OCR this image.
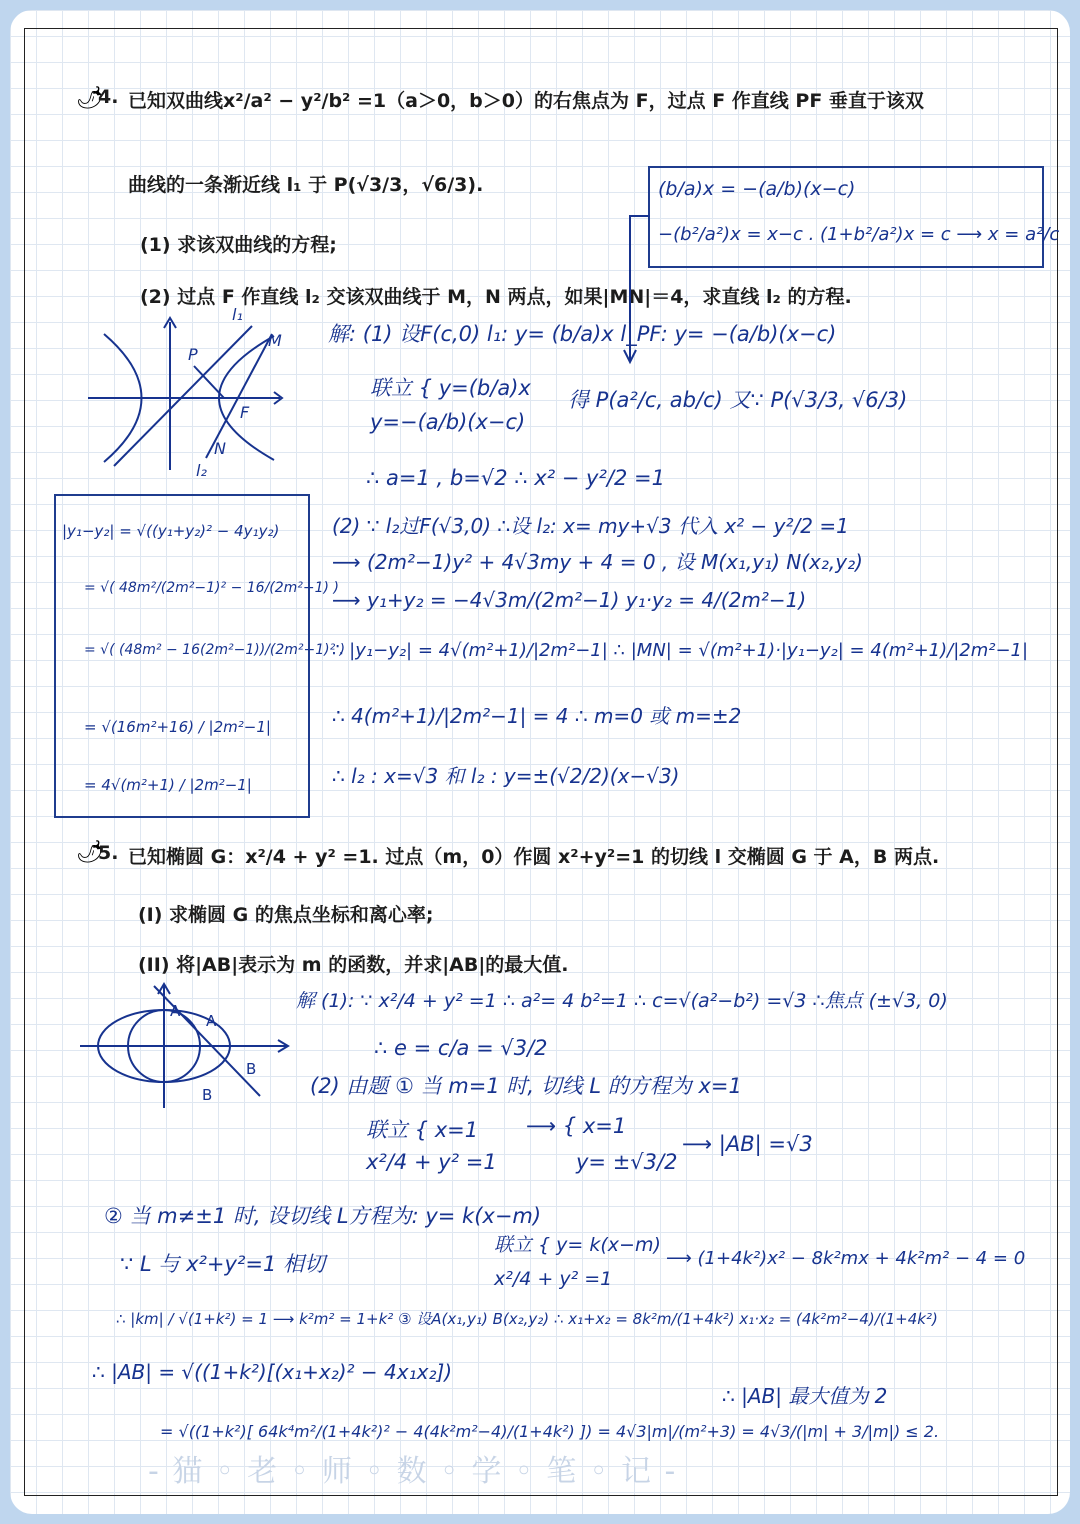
🌶
4. 已知双曲线x²/a² − y²/b² =1（a＞0，b＞0）的右焦点为 F，过点 F 作直线 PF 垂直于该双
曲线的一条渐近线 l₁ 于 P(√3/3，√6/3).
(1) 求该双曲线的方程;
(2) 过点 F 作直线 l₂ 交该双曲线于 M，N 两点，如果|MN|＝4，求直线 l₂ 的方程.
(b/a)x = −(a/b)(x−c)
−(b²/a²)x = x−c . (1+b²/a²)x = c ⟶ x = a²/c
l₁
M
P
F
N
l₂
解: (1) 设F(c,0) l₁: y= (b/a)x l_PF: y= −(a/b)(x−c)
联立 { y=(b/a)x
y=−(a/b)(x−c)
得 P(a²/c, ab/c) 又∵ P(√3/3, √6/3)
∴ a=1 , b=√2 ∴ x² − y²/2 =1
(2) ∵ l₂过F(√3,0) ∴设 l₂: x= my+√3 代入 x² − y²/2 =1
⟶ (2m²−1)y² + 4√3my + 4 = 0 , 设 M(x₁,y₁) N(x₂,y₂)
⟶ y₁+y₂ = −4√3m/(2m²−1) y₁·y₂ = 4/(2m²−1)
∴ |y₁−y₂| = 4√(m²+1)/|2m²−1| ∴ |MN| = √(m²+1)·|y₁−y₂| = 4(m²+1)/|2m²−1|
∴ 4(m²+1)/|2m²−1| = 4 ∴ m=0 或 m=±2
∴ l₂ : x=√3 和 l₂ : y=±(√2/2)(x−√3)
|y₁−y₂| = √((y₁+y₂)² − 4y₁y₂)
= √( 48m²/(2m²−1)² − 16/(2m²−1) )
= √( (48m² − 16(2m²−1))/(2m²−1)² )
= √(16m²+16) / |2m²−1|
= 4√(m²+1) / |2m²−1|
🌶
5. 已知椭圆 G：x²/4 + y² =1. 过点（m，0）作圆 x²+y²=1 的切线 l 交椭圆 G 于 A，B 两点.
(I) 求椭圆 G 的焦点坐标和离心率;
(II) 将|AB|表示为 m 的函数，并求|AB|的最大值.
A
A
B
B
解 (1): ∵ x²/4 + y² =1 ∴ a²= 4 b²=1 ∴ c=√(a²−b²) =√3 ∴焦点 (±√3, 0)
∴ e = c/a = √3/2
(2) 由题 ① 当 m=1 时, 切线 L 的方程为 x=1
联立 { x=1
x²/4 + y² =1
⟶ { x=1
y= ±√3/2
⟶ |AB| =√3
② 当 m≠±1 时, 设切线 L方程为: y= k(x−m)
∵ L 与 x²+y²=1 相切
联立 { y= k(x−m)
x²/4 + y² =1
⟶ (1+4k²)x² − 8k²mx + 4k²m² − 4 = 0
∴ |km| / √(1+k²) = 1 ⟶ k²m² = 1+k² ③ 设A(x₁,y₁) B(x₂,y₂) ∴ x₁+x₂ = 8k²m/(1+4k²) x₁·x₂ = (4k²m²−4)/(1+4k²)
∴ |AB| = √((1+k²)[(x₁+x₂)² − 4x₁x₂])
∴ |AB| 最大值为 2
= √((1+k²)[ 64k⁴m²/(1+4k²)² − 4(4k²m²−4)/(1+4k²) ]) = 4√3|m|/(m²+3) = 4√3/(|m| + 3/|m|) ≤ 2.
- 猫 ◦ 老 ◦ 师 ◦ 数 ◦ 学 ◦ 笔 ◦ 记 -
